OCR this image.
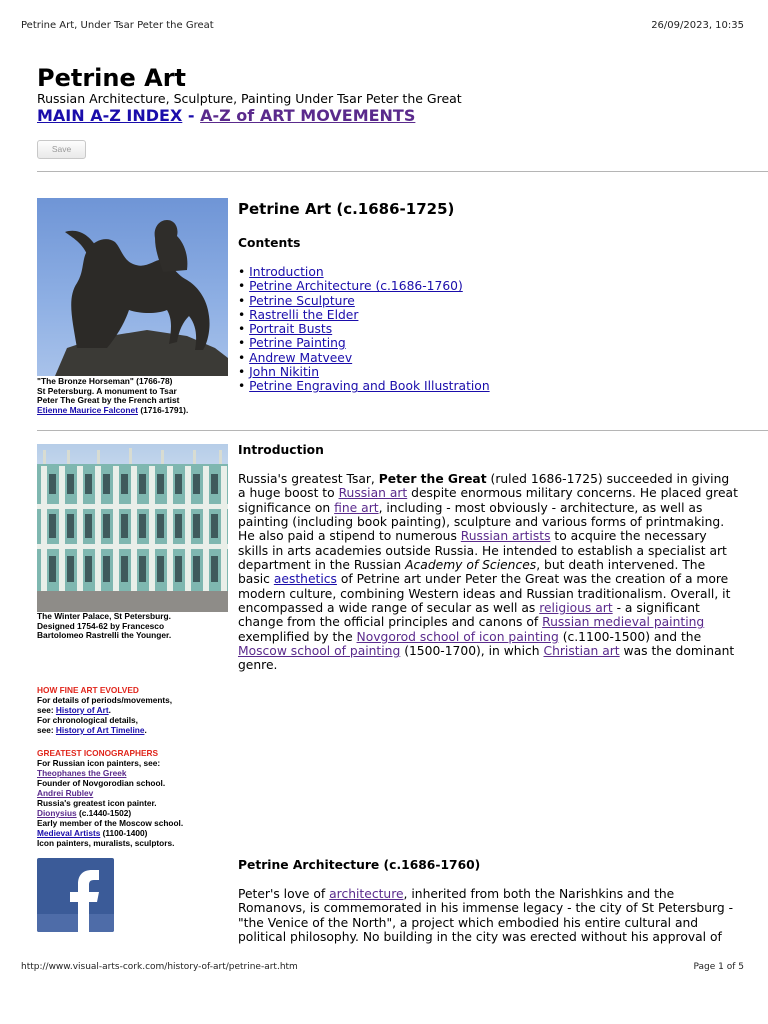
Petrine Art, Under Tsar Peter the Great	26/09/2023, 10:35
Petrine Art
Russian Architecture, Sculpture, Painting Under Tsar Peter the Great
MAIN A-Z INDEX - A-Z of ART MOVEMENTS
Save
"The Bronze Horseman" (1766-78)
St Petersburg. A monument to Tsar
Peter The Great by the French artist
Etienne Maurice Falconet (1716-1791).
Petrine Art (c.1686-1725)
Contents
• Introduction
• Petrine Architecture (c.1686-1760)
• Petrine Sculpture
• Rastrelli the Elder
• Portrait Busts
• Petrine Painting
• Andrew Matveev
• John Nikitin
• Petrine Engraving and Book Illustration
The Winter Palace, St Petersburg.
Designed 1754-62 by Francesco
Bartolomeo Rastrelli the Younger.
Introduction

Russia's greatest Tsar, Peter the Great (ruled 1686-1725) succeeded in giving a huge boost to Russian art despite enormous military concerns. He placed great significance on fine art, including - most obviously - architecture, as well as painting (including book painting), sculpture and various forms of printmaking. He also paid a stipend to numerous Russian artists to acquire the necessary skills in arts academies outside Russia. He intended to establish a specialist art department in the Russian Academy of Sciences, but death intervened. The basic aesthetics of Petrine art under Peter the Great was the creation of a more modern culture, combining Western ideas and Russian traditionalism. Overall, it encompassed a wide range of secular as well as religious art - a significant change from the official principles and canons of Russian medieval painting exemplified by the Novgorod school of icon painting (c.1100-1500) and the Moscow school of painting (1500-1700), in which Christian art was the dominant genre.

HOW FINE ART EVOLVED
For details of periods/movements,
see: History of Art.
For chronological details,
see: History of Art Timeline.
GREATEST ICONOGRAPHERS
For Russian icon painters, see:
Theophanes the Greek
Founder of Novgorodian school.
Andrei Rublev
Russia's greatest icon painter.
Dionysius (c.1440-1502)
Early member of the Moscow school.
Medieval Artists (1100-1400)
Icon painters, muralists, sculptors.
Petrine Architecture (c.1686-1760)

Peter's love of architecture, inherited from both the Narishkins and the Romanovs, is commemorated in his immense legacy - the city of St Petersburg - "the Venice of the North", a project which embodied his entire cultural and political philosophy. No building in the city was erected without his approval of

http://www.visual-arts-cork.com/history-of-art/petrine-art.htm	Page 1 of 5
